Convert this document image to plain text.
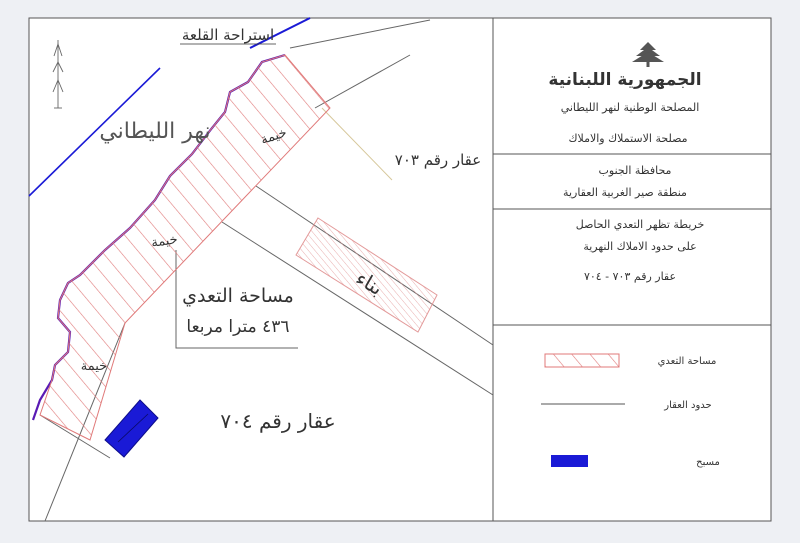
استراحة القلعة
نهر الليطاني
عقار رقم ٧٠٣
خيمة
خيمة
خيمة
بناء
مساحة التعدي
٤٣٦ مترا مربعا
عقار رقم ٧٠٤
الجمهورية اللبنانية
المصلحة الوطنية لنهر الليطاني
مصلحة الاستملاك والاملاك
محافظة الجنوب
منطقة صير الغربية العقارية
خريطة تظهر التعدي الحاصل
على حدود الاملاك النهرية
عقار رقم ٧٠٣ - ٧٠٤
مساحة التعدي
حدود العقار
مسبح
